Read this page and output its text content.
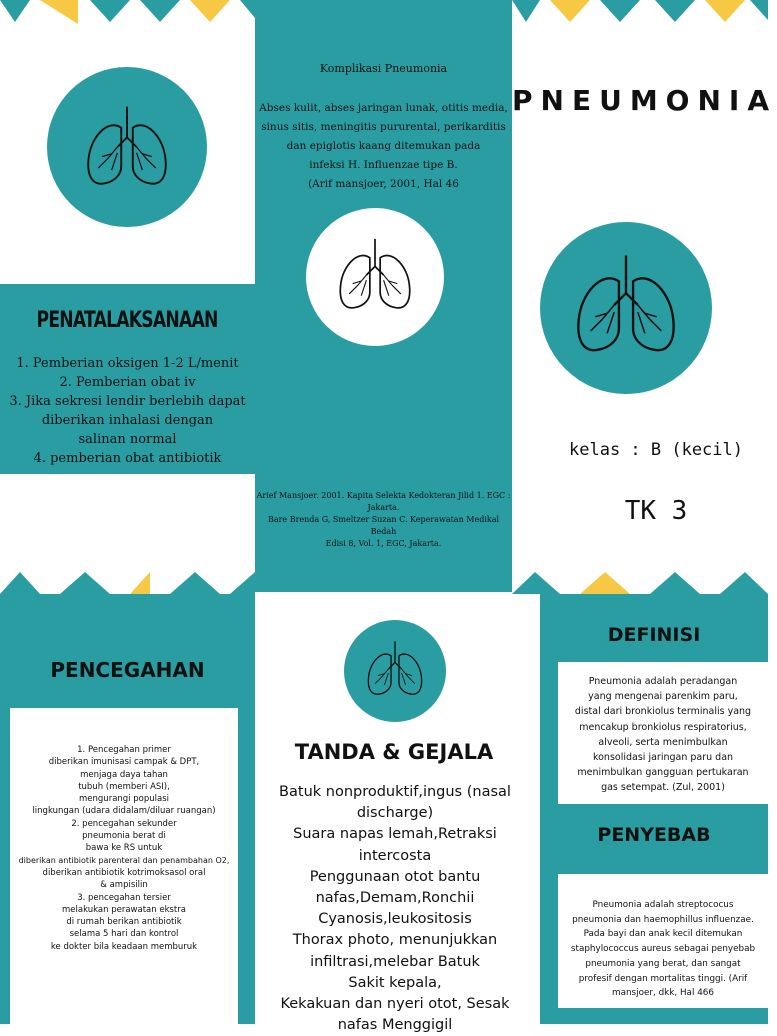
PENATALAKSANAAN
1. Pemberian oksigen 1-2 L/menit
2. Pemberian obat iv
3. Jika sekresi lendir berlebih dapat
diberikan inhalasi dengan
salinan normal
4. pemberian obat antibiotik
Komplikasi Pneumonia
Abses kulit, abses jaringan lunak, otitis media,
sinus sitis, meningitis pururental, perikarditis
dan epiglotis kaang ditemukan pada
infeksi H. Influenzae tipe B.
(Arif mansjoer, 2001, Hal 46
Arief Mansjoer. 2001. Kapita Selekta Kedokteran Jilid 1. EGC :
Jakarta.
Bare Brenda G, Smeltzer Suzan C. Keperawatan Medikal Bedah
Edisi 8, Vol. 1, EGC, Jakarta.
PNEUMONIA
kelas : B (kecil)
TK 3
PENCEGAHAN
1. Pencegahan primer
diberikan imunisasi campak & DPT,
menjaga daya tahan
tubuh (memberi ASI),
mengurangi populasi
lingkungan (udara didalam/diluar ruangan)
2. pencegahan sekunder
pneumonia berat di
bawa ke RS untuk
diberikan antibiotik parenteral dan penambahan O2,
diberikan antibiotik kotrimoksasol oral
& ampisilin
3. pencegahan tersier
melakukan perawatan ekstra
di rumah berikan antibiotik
selama 5 hari dan kontrol
ke dokter bila keadaan memburuk
TANDA & GEJALA
Batuk nonproduktif,ingus (nasal
discharge)
Suara napas lemah,Retraksi
intercosta
Penggunaan otot bantu
nafas,Demam,Ronchii
Cyanosis,leukositosis
Thorax photo, menunjukkan
infiltrasi,melebar Batuk
Sakit kepala,
Kekakuan dan nyeri otot, Sesak
nafas Menggigil
DEFINISI
Pneumonia adalah peradangan
yang mengenai parenkim paru,
distal dari bronkiolus terminalis yang
mencakup bronkiolus respiratorius,
alveoli, serta menimbulkan
konsolidasi jaringan paru dan
menimbulkan gangguan pertukaran
gas setempat. (Zul, 2001)
PENYEBAB
Pneumonia adalah streptococus
pneumonia dan haemophillus influenzae.
Pada bayi dan anak kecil ditemukan
staphylococcus aureus sebagai penyebab
pneumonia yang berat, dan sangat
profesif dengan mortalitas tinggi. (Arif
mansjoer, dkk, Hal 466
